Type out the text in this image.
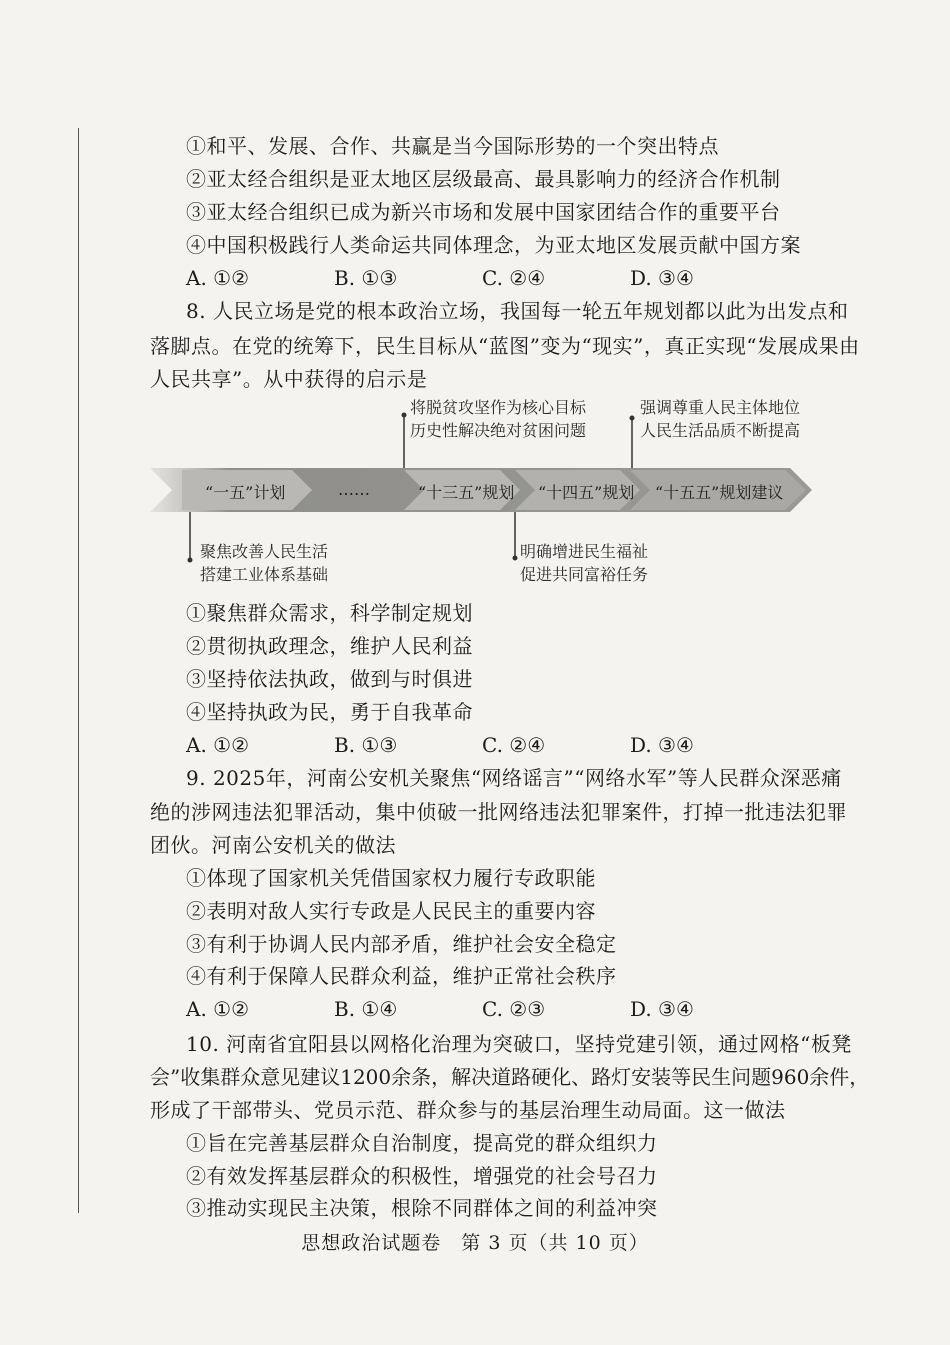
①和平、发展、合作、共赢是当今国际形势的一个突出特点
②亚太经合组织是亚太地区层级最高、最具影响力的经济合作机制
③亚太经合组织已成为新兴市场和发展中国家团结合作的重要平台
④中国积极践行人类命运共同体理念，为亚太地区发展贡献中国方案
A. ①②	B. ①③	C. ②④	D. ③④
8. 人民立场是党的根本政治立场，我国每一轮五年规划都以此为出发点和
落脚点。在党的统筹下，民生目标从“蓝图”变为“现实”，真正实现“发展成果由
人民共享”。从中获得的启示是
“一五”计划	……	“十三五”规划 “十四五”规划 “十五五”规划建议
将脱贫攻坚作为核心目标
历史性解决绝对贫困问题
强调尊重人民主体地位
人民生活品质不断提高
聚焦改善人民生活
搭建工业体系基础
明确增进民生福祉
促进共同富裕任务
①聚焦群众需求，科学制定规划
②贯彻执政理念，维护人民利益
③坚持依法执政，做到与时俱进
④坚持执政为民，勇于自我革命
A. ①②	B. ①③	C. ②④	D. ③④
9. 2025年，河南公安机关聚焦“网络谣言”“网络水军”等人民群众深恶痛
绝的涉网违法犯罪活动，集中侦破一批网络违法犯罪案件，打掉一批违法犯罪
团伙。河南公安机关的做法
①体现了国家机关凭借国家权力履行专政职能
②表明对敌人实行专政是人民民主的重要内容
③有利于协调人民内部矛盾，维护社会安全稳定
④有利于保障人民群众利益，维护正常社会秩序
A. ①②	B. ①④	C. ②③	D. ③④
10. 河南省宜阳县以网格化治理为突破口，坚持党建引领，通过网格“板凳
会”收集群众意见建议1200余条，解决道路硬化、路灯安装等民生问题960余件，
形成了干部带头、党员示范、群众参与的基层治理生动局面。这一做法
①旨在完善基层群众自治制度，提高党的群众组织力
②有效发挥基层群众的积极性，增强党的社会号召力
③推动实现民主决策，根除不同群体之间的利益冲突
思想政治试题卷　第 3 页（共 10 页）
